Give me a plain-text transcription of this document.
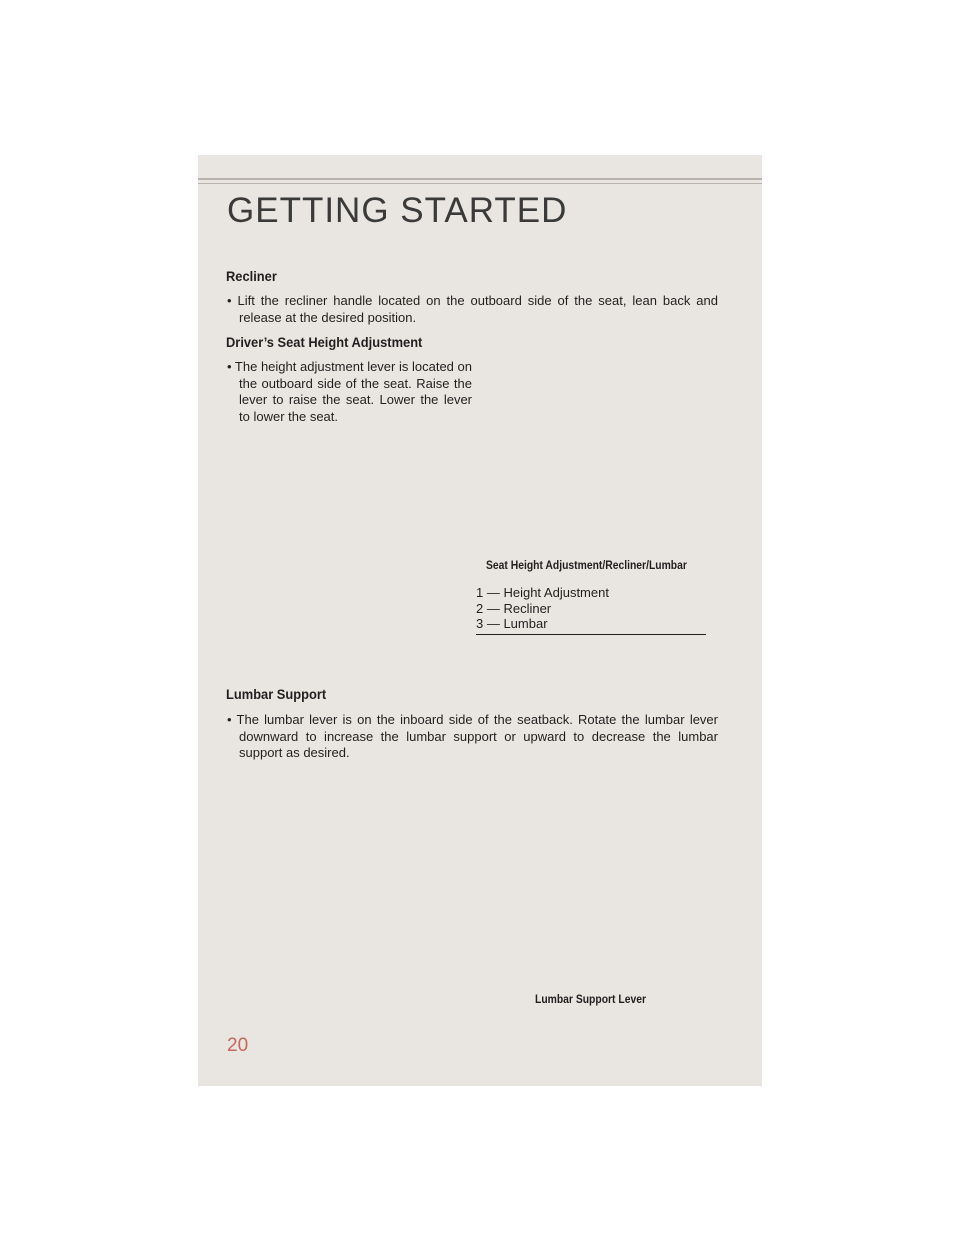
GETTING STARTED
Recliner

• Lift the recliner handle located on the outboard side of the seat, lean back and release at the desired position.

Driver’s Seat Height Adjustment

• The height adjustment lever is located on the outboard side of the seat. Raise the lever to raise the seat. Lower the lever to lower the seat.

Seat Height Adjustment/Recliner/Lumbar

1 — Height Adjustment
2 — Recliner
3 — Lumbar
Lumbar Support

• The lumbar lever is on the inboard side of the seatback. Rotate the lumbar lever downward to increase the lumbar support or upward to decrease the lumbar support as desired.

Lumbar Support Lever

20
